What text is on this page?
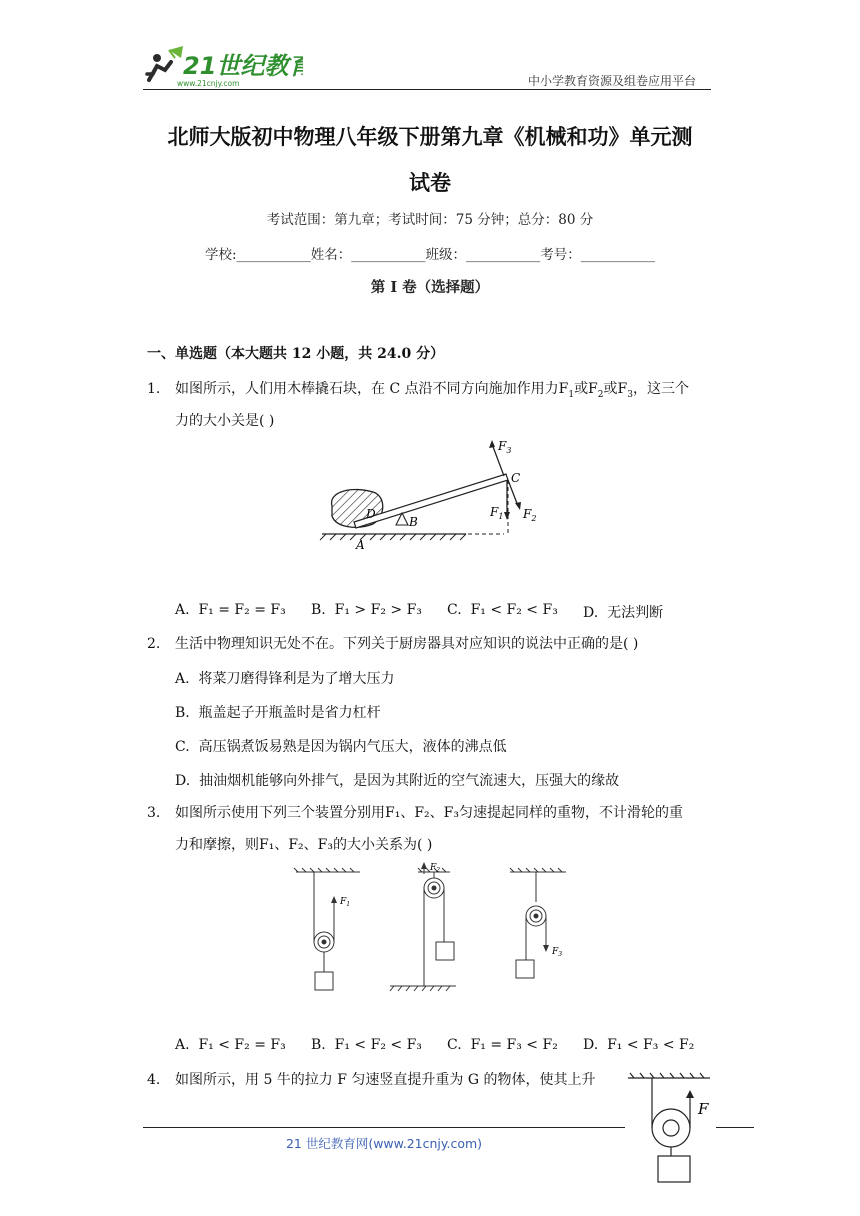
21世纪教育
www.21cnjy.com	中小学教育资源及组卷应用平台
北师大版初中物理八年级下册第九章《机械和功》单元测
试卷
考试范围：第九章；考试时间：75 分钟；总分：80 分
学校:___________姓名：___________班级：___________考号：___________
第 I 卷（选择题）
一、单选题（本大题共 12 小题，共 24.0 分）
1. 如图所示，人们用木棒撬石块，在 C 点沿不同方向施加作用力$F_1$或$F_2$或$F_3$，这三个
力的大小关是( )
$F_3$
C
D
B
A
$F_1$ $F_2$
A. F₁ = F₂ = F₃ B. F₁ > F₂ > F₃ C. F₁ < F₂ < F₃ D. 无法判断
2. 生活中物理知识无处不在。下列关于厨房器具对应知识的说法中正确的是( )
A. 将菜刀磨得锋利是为了增大压力
B. 瓶盖起子开瓶盖时是省力杠杆
C. 高压锅煮饭易熟是因为锅内气压大，液体的沸点低
D. 抽油烟机能够向外排气，是因为其附近的空气流速大，压强大的缘故
3. 如图所示使用下列三个装置分别用F₁、F₂、F₃匀速提起同样的重物，不计滑轮的重
力和摩擦，则F₁、F₂、F₃的大小关系为( )
$F_1$
$F_2$
$F_3$
A. F₁ < F₂ = F₃ B. F₁ < F₂ < F₃ C. F₁ = F₃ < F₂ D. F₁ < F₃ < F₂
4. 如图所示，用 5 牛的拉力 F 匀速竖直提升重为 G 的物体，使其上升
F
21 世纪教育网(www.21cnjy.com)
